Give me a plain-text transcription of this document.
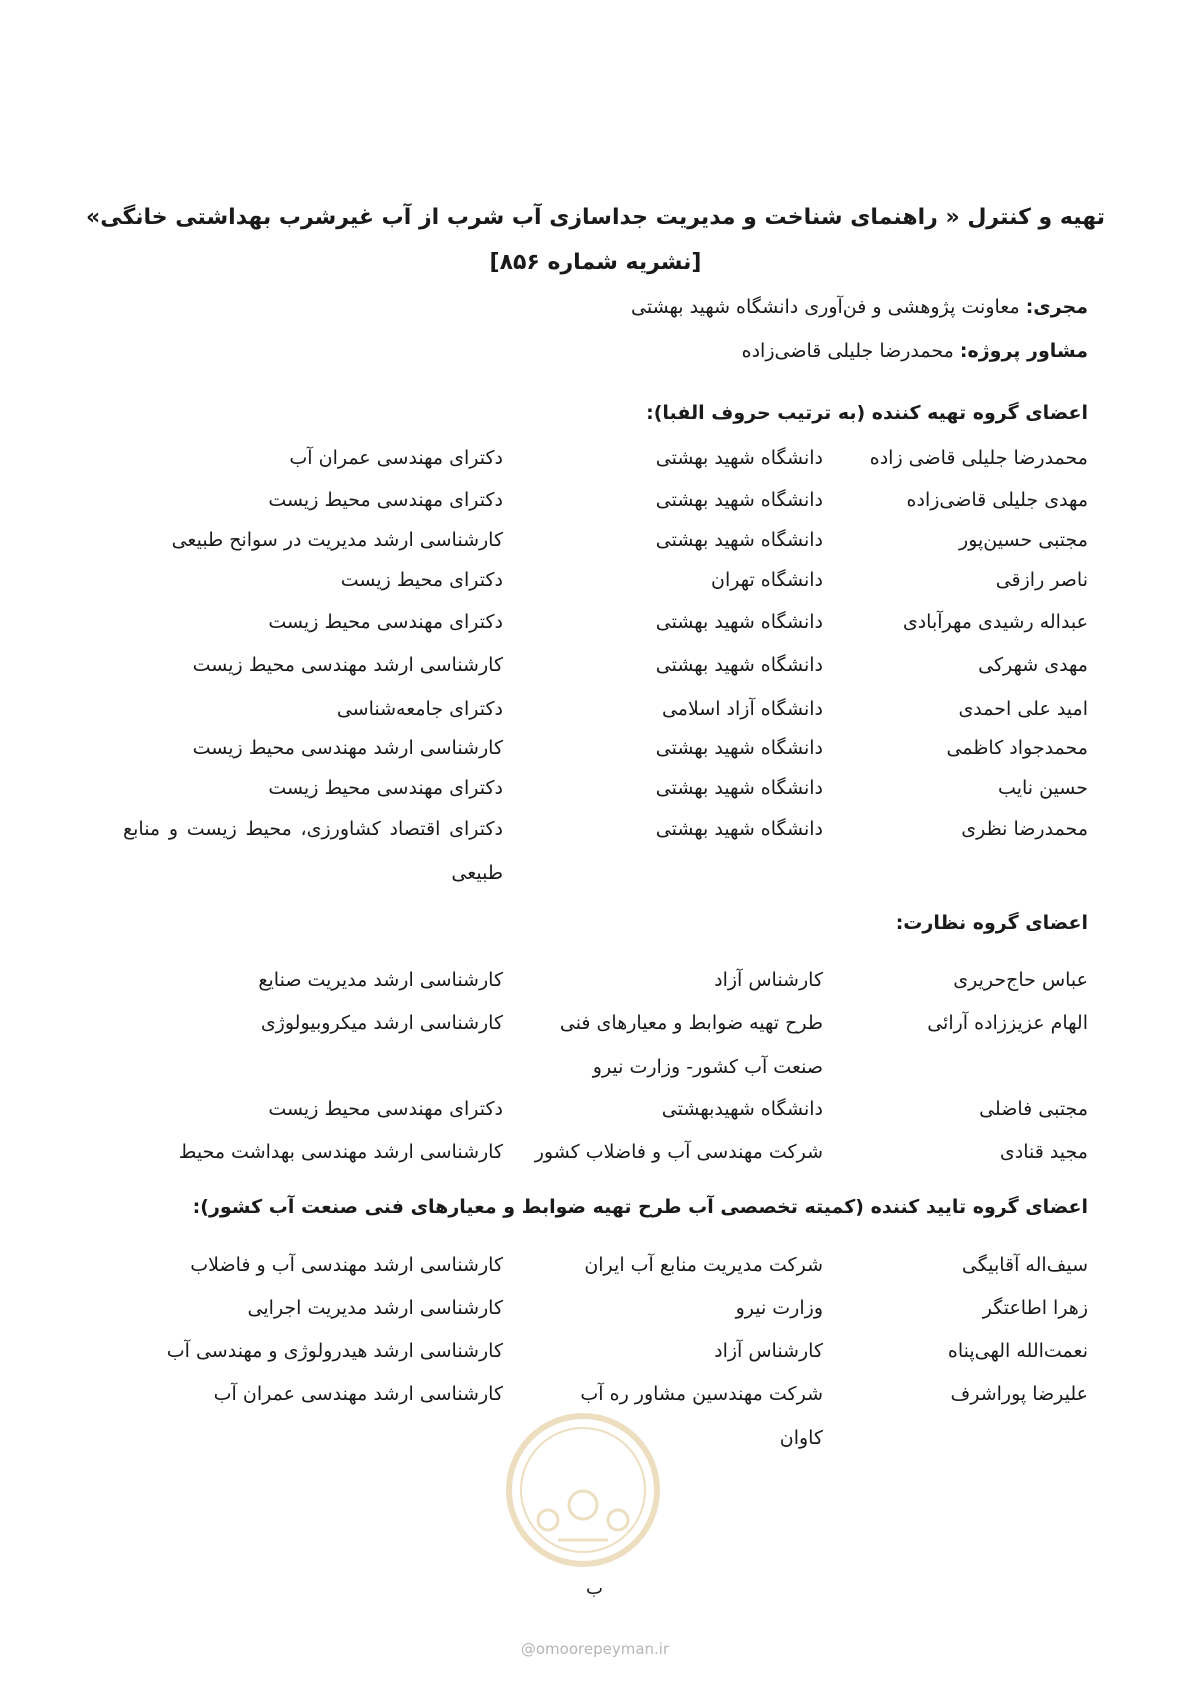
تهیه و کنترل « راهنمای شناخت و مدیریت جداسازی آب شرب از آب غیرشرب بهداشتی خانگی»
[نشریه شماره ۸۵۶]
مجری: معاونت پژوهشی و فن‌آوری دانشگاه شهید بهشتی
مشاور پروژه: محمدرضا جلیلی قاضی‌زاده
اعضای گروه تهیه کننده (به ترتیب حروف الفبا):
محمدرضا جلیلی قاضی زاده
دانشگاه شهید بهشتی
دکترای مهندسی عمران آب
مهدی جلیلی قاضی‌زاده
دانشگاه شهید بهشتی
دکترای مهندسی محیط زیست
مجتبی حسین‌پور
دانشگاه شهید بهشتی
کارشناسی ارشد مدیریت در سوانح طبیعی
ناصر رازقی
دانشگاه تهران
دکترای محیط زیست
عبداله رشیدی مهرآبادی
دانشگاه شهید بهشتی
دکترای مهندسی محیط زیست
مهدی شهرکی
دانشگاه شهید بهشتی
کارشناسی ارشد مهندسی محیط زیست
امید علی احمدی
دانشگاه آزاد اسلامی
دکترای جامعه‌شناسی
محمدجواد کاظمی
دانشگاه شهید بهشتی
کارشناسی ارشد مهندسی محیط زیست
حسین نایب
دانشگاه شهید بهشتی
دکترای مهندسی محیط زیست
محمدرضا نظری
دانشگاه شهید بهشتی
دکترای اقتصاد کشاورزی، محیط زیست و منابع طبیعی
اعضای گروه نظارت:
عباس حاج‌حریری
کارشناس آزاد
کارشناسی ارشد مدیریت صنایع
الهام عزیززاده آرائی
طرح تهیه ضوابط و معیارهای فنی صنعت آب کشور- وزارت نیرو
کارشناسی ارشد میکروبیولوژی
مجتبی فاضلی
دانشگاه شهیدبهشتی
دکترای مهندسی محیط زیست
مجید قنادی
شرکت مهندسی آب و فاضلاب کشور
کارشناسی ارشد مهندسی بهداشت محیط
اعضای گروه تایید کننده (کمیته تخصصی آب طرح تهیه ضوابط و معیارهای فنی صنعت آب کشور):
سیف‌اله آقابیگی
شرکت مدیریت منابع آب ایران
کارشناسی ارشد مهندسی آب و فاضلاب
زهرا اطاعتگر
وزارت نیرو
کارشناسی ارشد مدیریت اجرایی
نعمت‌الله الهی‌پناه
کارشناس آزاد
کارشناسی ارشد هیدرولوژی و مهندسی آب
علیرضا پوراشرف
شرکت مهندسین مشاور ره آب کاوان
کارشناسی ارشد مهندسی عمران آب
ب
@omoorepeyman.ir
